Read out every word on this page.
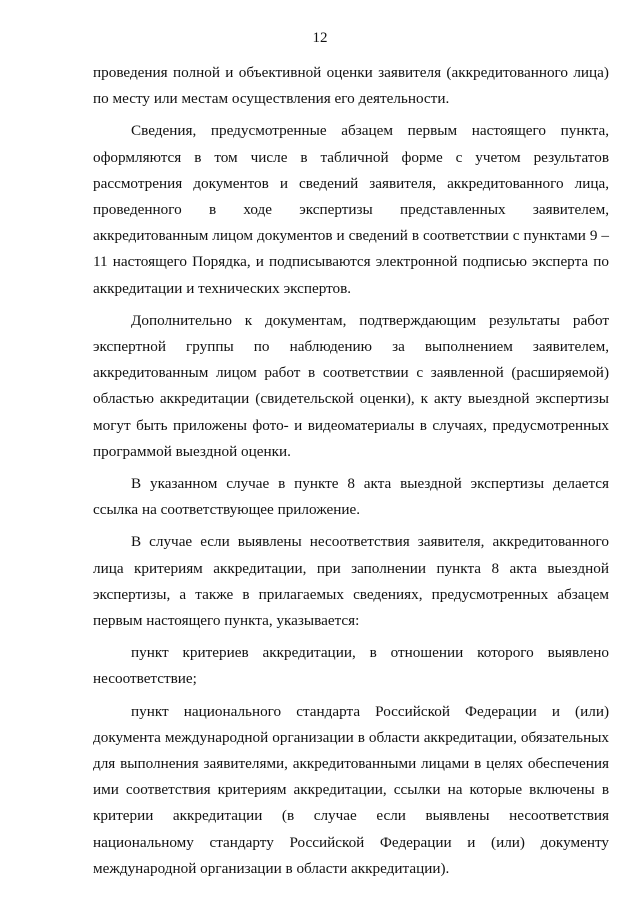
12

проведения полной и объективной оценки заявителя (аккредитованного лица) по месту или местам осуществления его деятельности.

Сведения, предусмотренные абзацем первым настоящего пункта, оформляются в том числе в табличной форме с учетом результатов рассмотрения документов и сведений заявителя, аккредитованного лица, проведенного в ходе экспертизы представленных заявителем, аккредитованным лицом документов и сведений в соответствии с пунктами 9 – 11 настоящего Порядка, и подписываются электронной подписью эксперта по аккредитации и технических экспертов.

Дополнительно к документам, подтверждающим результаты работ экспертной группы по наблюдению за выполнением заявителем, аккредитованным лицом работ в соответствии с заявленной (расширяемой) областью аккредитации (свидетельской оценки), к акту выездной экспертизы могут быть приложены фото- и видеоматериалы в случаях, предусмотренных программой выездной оценки.

В указанном случае в пункте 8 акта выездной экспертизы делается ссылка на соответствующее приложение.

В случае если выявлены несоответствия заявителя, аккредитованного лица критериям аккредитации, при заполнении пункта 8 акта выездной экспертизы, а также в прилагаемых сведениях, предусмотренных абзацем первым настоящего пункта, указывается:

пункт критериев аккредитации, в отношении которого выявлено несоответствие;

пункт национального стандарта Российской Федерации и (или) документа международной организации в области аккредитации, обязательных для выполнения заявителями, аккредитованными лицами в целях обеспечения ими соответствия критериям аккредитации, ссылки на которые включены в критерии аккредитации (в случае если выявлены несоответствия национальному стандарту Российской Федерации и (или) документу международной организации в области аккредитации).
